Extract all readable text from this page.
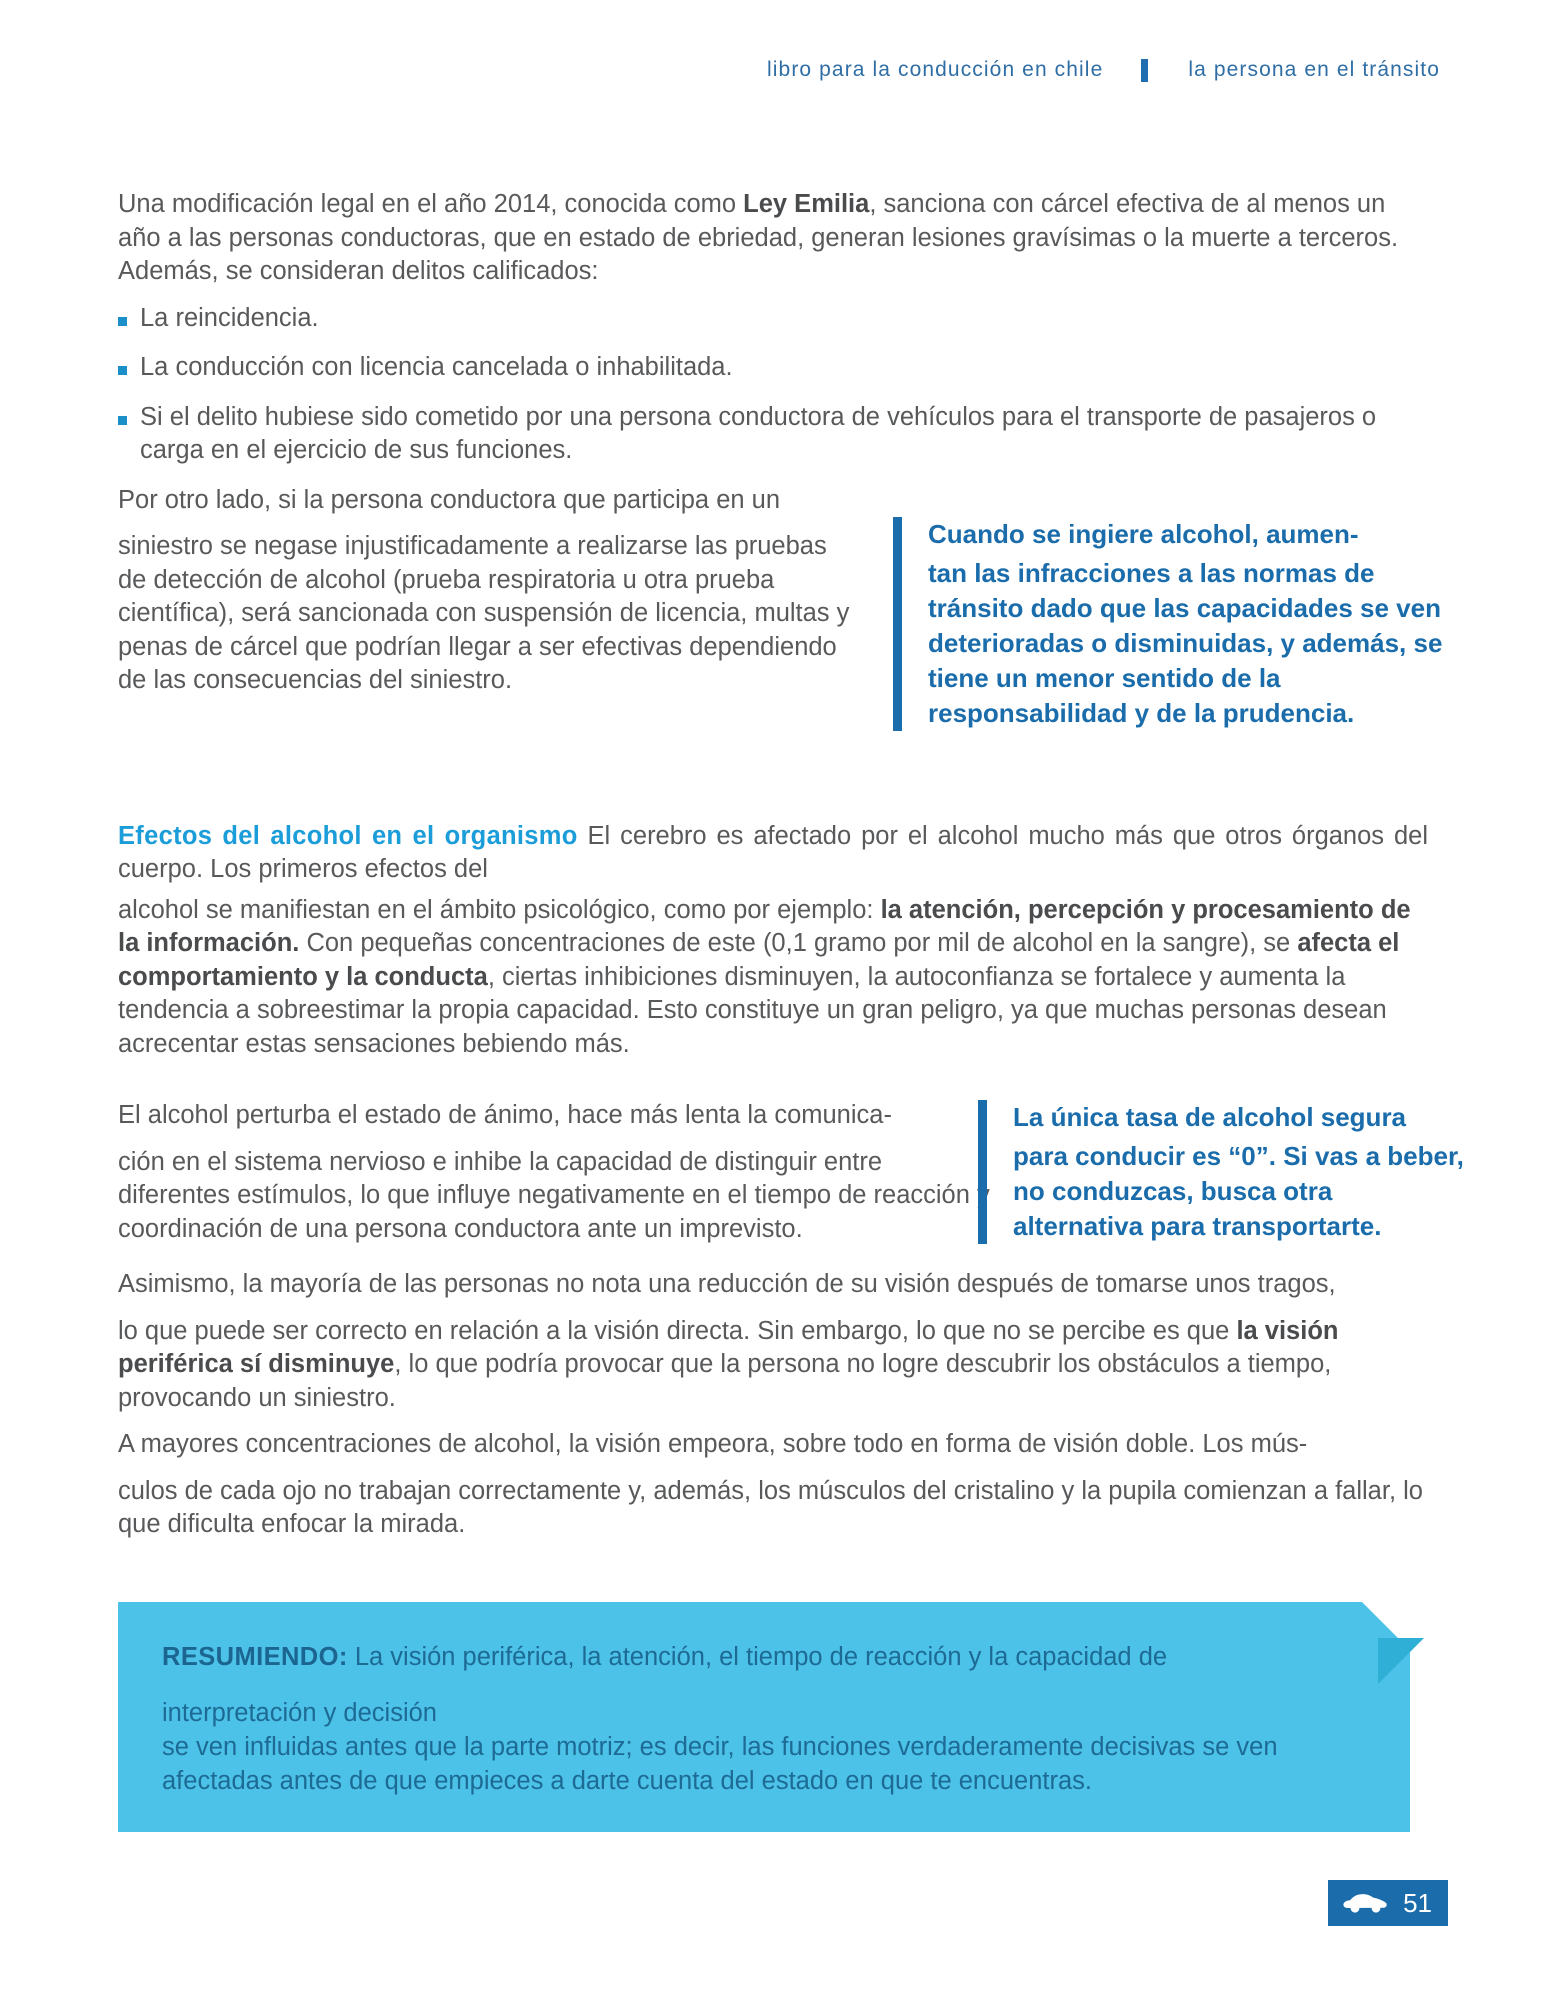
libro para la conducción en chile	la persona en el tránsito

Una modificación legal en el año 2014, conocida como Ley Emilia, sanciona con cárcel efectiva de al menos un año a las personas conductoras, que en estado de ebriedad, generan lesiones gravísimas o la muerte a terceros. Además, se consideran delitos calificados:

La reincidencia.
La conducción con licencia cancelada o inhabilitada.
Si el delito hubiese sido cometido por una persona conductora de vehículos para el transporte de pasajeros o carga en el ejercicio de sus funciones.

Por otro lado, si la persona conductora que participa en un

siniestro se negase injustificadamente a realizarse las pruebas de detección de alcohol (prueba respiratoria u otra prueba científica), será sancionada con suspensión de licencia, multas y penas de cárcel que podrían llegar a ser efectivas dependiendo de las consecuencias del siniestro.

Efectos del alcohol en el organismo El cerebro es afectado por el alcohol mucho más que otros órganos del cuerpo. Los primeros efectos del

alcohol se manifiestan en el ámbito psicológico, como por ejemplo: la atención, percepción y procesamiento de la información. Con pequeñas concentraciones de este (0,1 gramo por mil de alcohol en la sangre), se afecta el comportamiento y la conducta, ciertas inhibiciones disminuyen, la autoconfianza se fortalece y aumenta la tendencia a sobreestimar la propia capacidad. Esto constituye un gran peligro, ya que muchas personas desean acrecentar estas sensaciones bebiendo más.

El alcohol perturba el estado de ánimo, hace más lenta la comunica-

ción en el sistema nervioso e inhibe la capacidad de distinguir entre diferentes estímulos, lo que influye negativamente en el tiempo de reacción y coordinación de una persona conductora ante un imprevisto.

Asimismo, la mayoría de las personas no nota una reducción de su visión después de tomarse unos tragos,

lo que puede ser correcto en relación a la visión directa. Sin embargo, lo que no se percibe es que la visión periférica sí disminuye, lo que podría provocar que la persona no logre descubrir los obstáculos a tiempo, provocando un siniestro.

A mayores concentraciones de alcohol, la visión empeora, sobre todo en forma de visión doble. Los mús-

culos de cada ojo no trabajan correctamente y, además, los músculos del cristalino y la pupila comienzan a fallar, lo que dificulta enfocar la mirada.

Cuando se ingiere alcohol, aumen-

tan las infracciones a las normas de tránsito dado que las capacidades se ven deterioradas o disminuidas, y además, se tiene un menor sentido de la responsabilidad y de la prudencia.

La única tasa de alcohol segura

para conducir es “0”. Si vas a beber, no conduzcas, busca otra alternativa para transportarte.

RESUMIENDO: La visión periférica, la atención, el tiempo de reacción y la capacidad de

interpretación y decisión

se ven influidas antes que la parte motriz; es decir, las funciones verdaderamente decisivas se ven afectadas antes de que empieces a darte cuenta del estado en que te encuentras.

51
